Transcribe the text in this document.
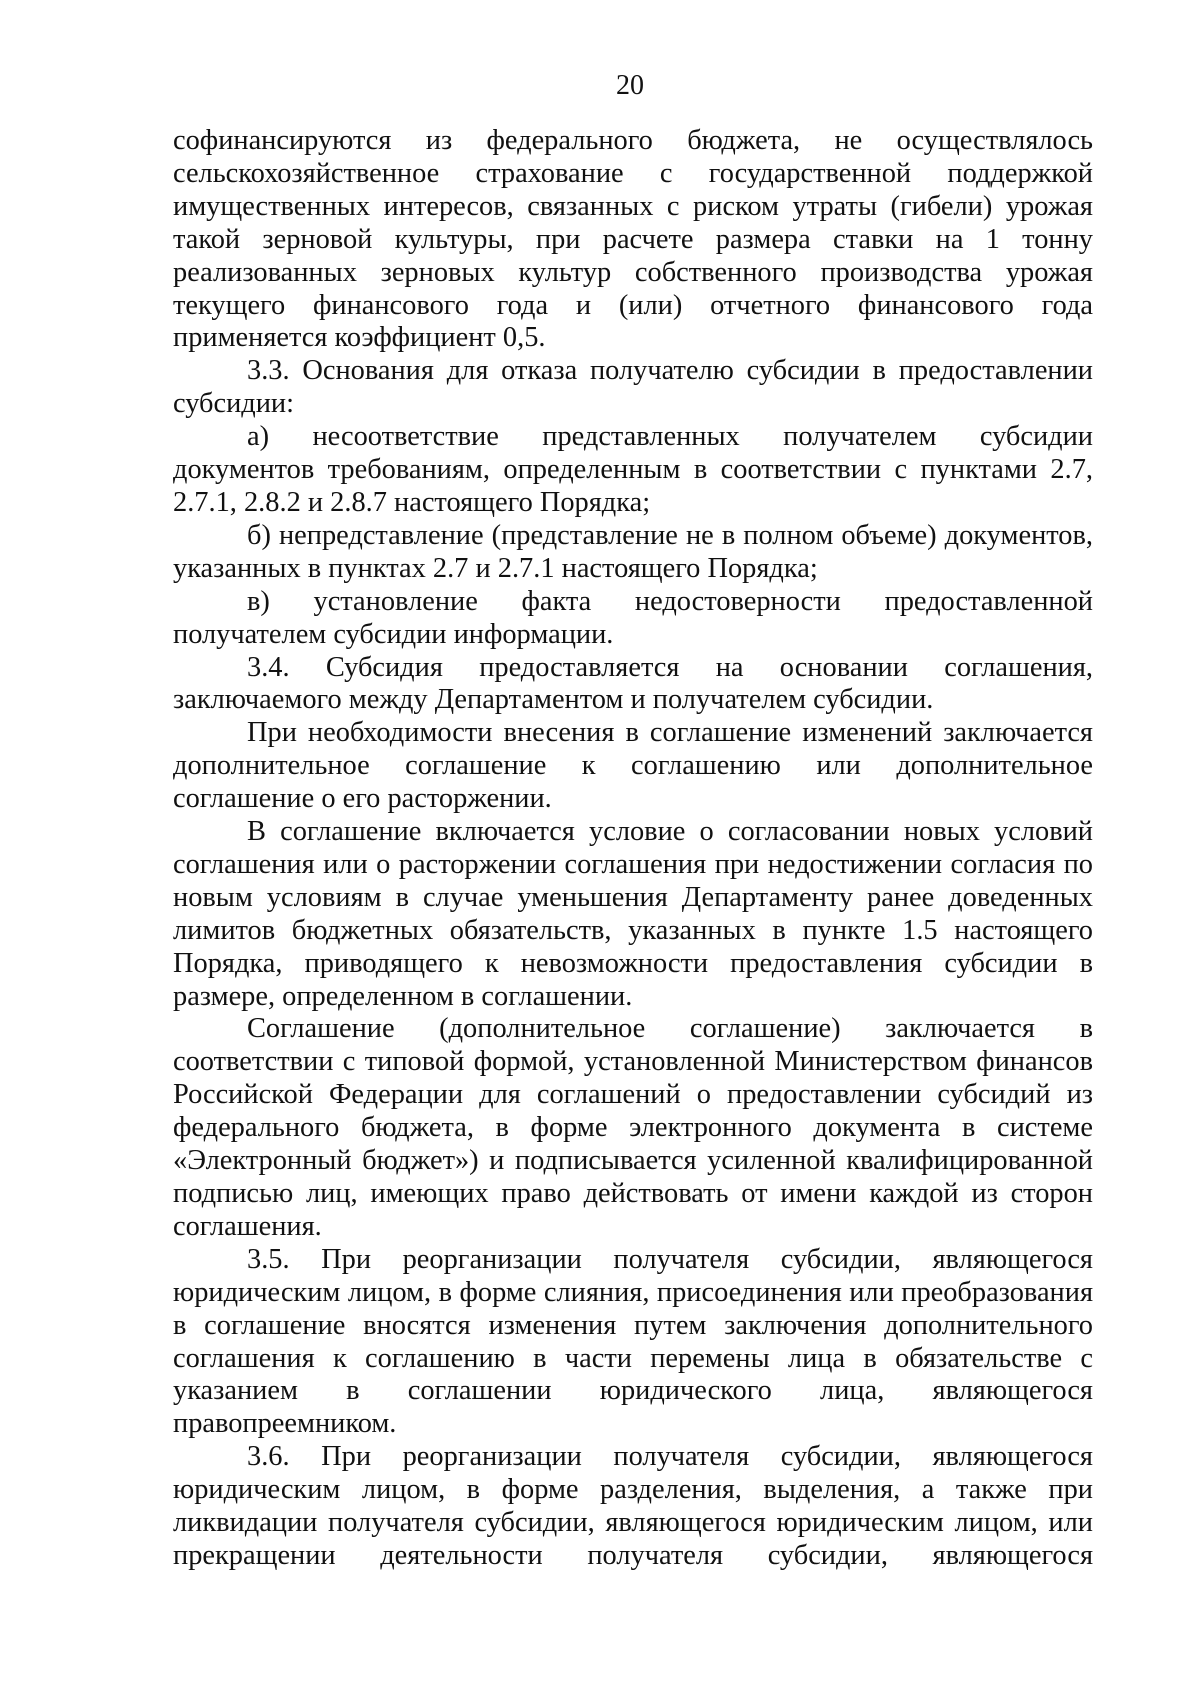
20

софинансируются из федерального бюджета, не осуществлялось сельскохозяйственное страхование с государственной поддержкой имущественных интересов, связанных с риском утраты (гибели) урожая такой зерновой культуры, при расчете размера ставки на 1 тонну реализованных зерновых культур собственного производства урожая текущего финансового года и (или) отчетного финансового года применяется коэффициент 0,5.

3.3. Основания для отказа получателю субсидии в предоставлении субсидии:

а) несоответствие представленных получателем субсидии документов требованиям, определенным в соответствии с пунктами 2.7, 2.7.1, 2.8.2 и 2.8.7 настоящего Порядка;

б) непредставление (представление не в полном объеме) документов, указанных в пунктах 2.7 и 2.7.1 настоящего Порядка;

в) установление факта недостоверности предоставленной получателем субсидии информации.

3.4. Субсидия предоставляется на основании соглашения, заключаемого между Департаментом и получателем субсидии.

При необходимости внесения в соглашение изменений заключается дополнительное соглашение к соглашению или дополнительное соглашение о его расторжении.

В соглашение включается условие о согласовании новых условий соглашения или о расторжении соглашения при недостижении согласия по новым условиям в случае уменьшения Департаменту ранее доведенных лимитов бюджетных обязательств, указанных в пункте 1.5 настоящего Порядка, приводящего к невозможности предоставления субсидии в размере, определенном в соглашении.

Соглашение (дополнительное соглашение) заключается в соответствии с типовой формой, установленной Министерством финансов Российской Федерации для соглашений о предоставлении субсидий из федерального бюджета, в форме электронного документа в системе «Электронный бюджет») и подписывается усиленной квалифицированной подписью лиц, имеющих право действовать от имени каждой из сторон соглашения.

3.5. При реорганизации получателя субсидии, являющегося юридическим лицом, в форме слияния, присоединения или преобразования в соглашение вносятся изменения путем заключения дополнительного соглашения к соглашению в части перемены лица в обязательстве с указанием в соглашении юридического лица, являющегося правопреемником.

3.6. При реорганизации получателя субсидии, являющегося юридическим лицом, в форме разделения, выделения, а также при ликвидации получателя субсидии, являющегося юридическим лицом, или прекращении деятельности получателя субсидии, являющегося
